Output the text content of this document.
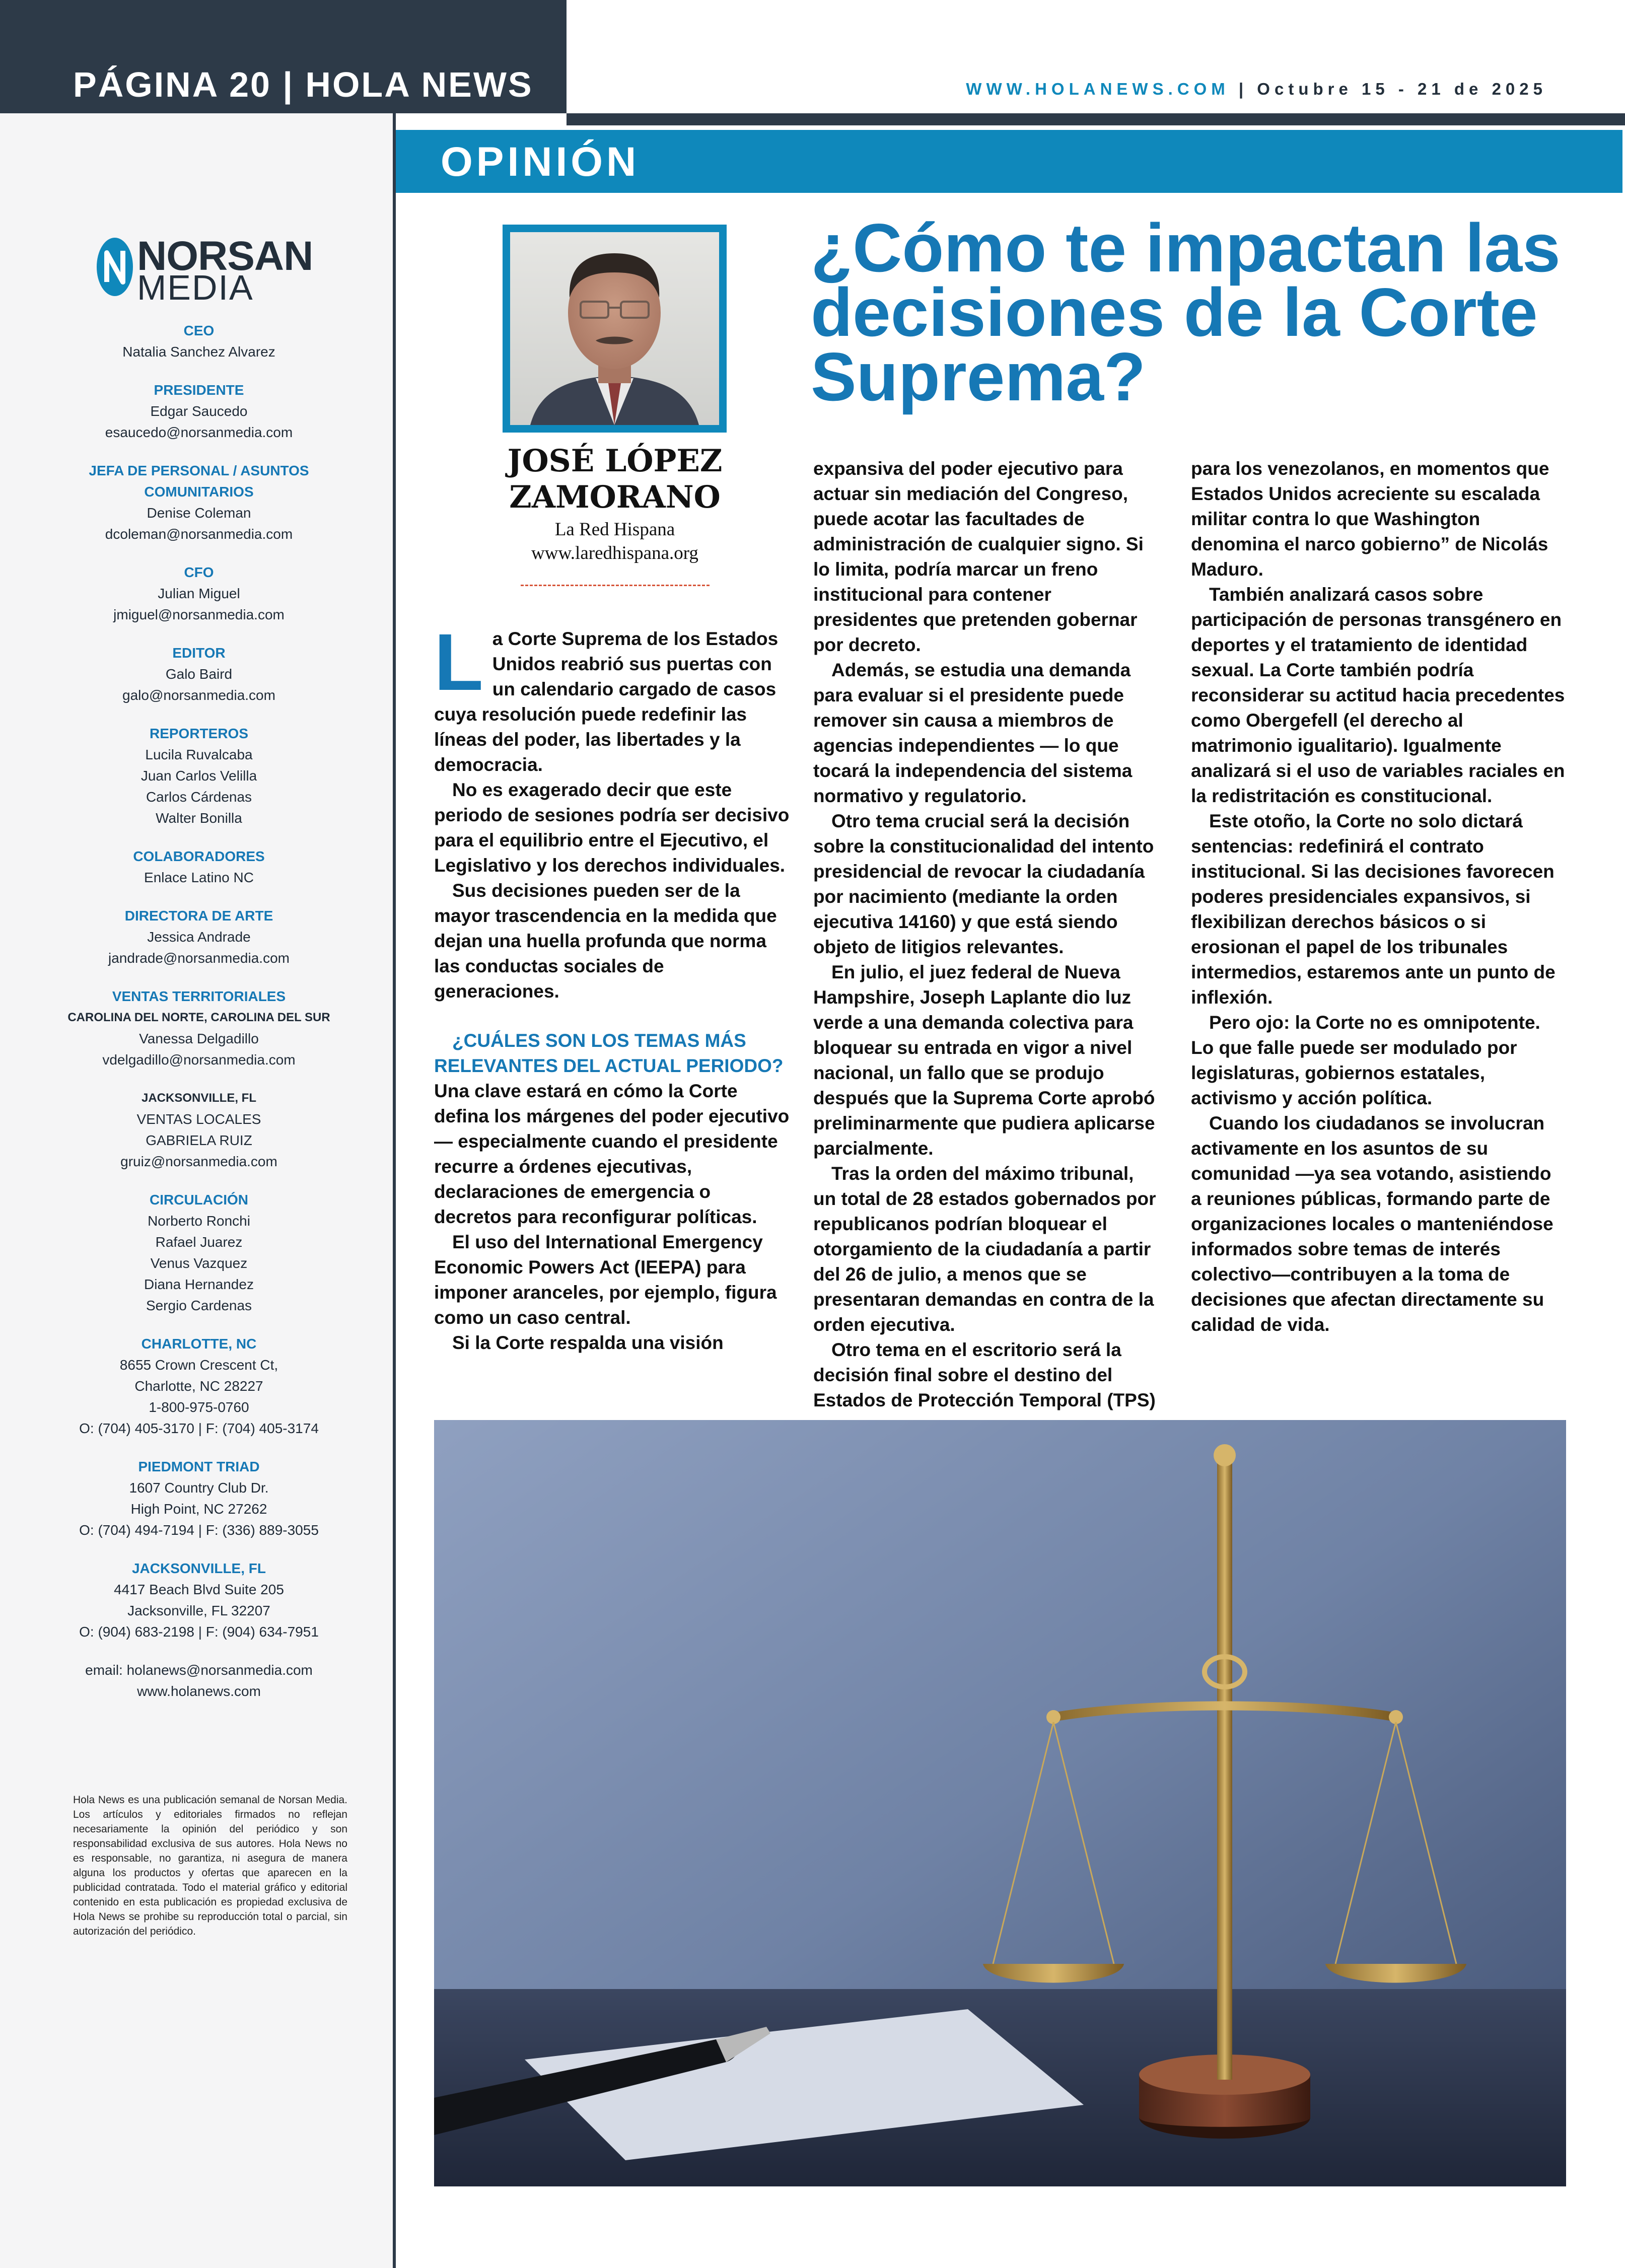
PÁGINA 20 | HOLA NEWS	WWW.HOLANEWS.COM | Octubre 15 - 21 de 2025
NORSAN
MEDIA
CEO
Natalia Sanchez Alvarez
PRESIDENTE
Edgar Saucedo
esaucedo@norsanmedia.com
JEFA DE PERSONAL / ASUNTOS COMUNITARIOS
Denise Coleman
dcoleman@norsanmedia.com
CFO
Julian Miguel
jmiguel@norsanmedia.com
EDITOR
Galo Baird
galo@norsanmedia.com
REPORTEROS
Lucila Ruvalcaba
Juan Carlos Velilla
Carlos Cárdenas
Walter Bonilla
COLABORADORES
Enlace Latino NC
DIRECTORA DE ARTE
Jessica Andrade
jandrade@norsanmedia.com
VENTAS TERRITORIALES
CAROLINA DEL NORTE, CAROLINA DEL SUR
Vanessa Delgadillo
vdelgadillo@norsanmedia.com
JACKSONVILLE, FL
VENTAS LOCALES
GABRIELA RUIZ
gruiz@norsanmedia.com
CIRCULACIÓN
Norberto Ronchi
Rafael Juarez
Venus Vazquez
Diana Hernandez
Sergio Cardenas
CHARLOTTE, NC
8655 Crown Crescent Ct,
Charlotte, NC 28227
1-800-975-0760
O: (704) 405-3170 | F: (704) 405-3174
PIEDMONT TRIAD
1607 Country Club Dr.
High Point, NC 27262
O: (704) 494-7194 | F: (336) 889-3055
JACKSONVILLE, FL
4417 Beach Blvd Suite 205
Jacksonville, FL 32207
O: (904) 683-2198 | F: (904) 634-7951
email: holanews@norsanmedia.com
www.holanews.com
Hola News es una publicación semanal de Norsan Media. Los artículos y editoriales firmados no reflejan necesariamente la opinión del periódico y son responsabilidad exclusiva de sus autores. Hola News no es responsable, no garantiza, ni asegura de manera alguna los productos y ofertas que aparecen en la publicidad contratada. Todo el material gráfico y editorial contenido en esta publicación es propiedad exclusiva de Hola News se prohibe su reproducción total o parcial, sin autorización del periódico.
OPINIÓN
JOSÉ LÓPEZ
ZAMORANO
La Red Hispana
www.laredhispana.org
¿Cómo te impactan las decisiones de la Corte Suprema?
L a Corte Suprema de los Estados Unidos reabrió sus puertas con un calendario cargado de casos cuya resolución puede redefinir las líneas del poder, las libertades y la democracia.

No es exagerado decir que este periodo de sesiones podría ser decisivo para el equilibrio entre el Ejecutivo, el Legislativo y los derechos individuales.

Sus decisiones pueden ser de la mayor trascendencia en la medida que dejan una huella profunda que norma las conductas sociales de generaciones.

¿CUÁLES SON LOS TEMAS MÁS RELEVANTES DEL ACTUAL PERIODO?

Una clave estará en cómo la Corte defina los márgenes del poder ejecutivo — especialmente cuando el presidente recurre a órdenes ejecutivas, declaraciones de emergencia o decretos para reconfigurar políticas.

El uso del International Emergency Economic Powers Act (IEEPA) para imponer aranceles, por ejemplo, figura como un caso central.

Si la Corte respalda una visión

expansiva del poder ejecutivo para actuar sin mediación del Congreso, puede acotar las facultades de administración de cualquier signo. Si lo limita, podría marcar un freno institucional para contener presidentes que pretenden gobernar por decreto.

Además, se estudia una demanda para evaluar si el presidente puede remover sin causa a miembros de agencias independientes — lo que tocará la independencia del sistema normativo y regulatorio.

Otro tema crucial será la decisión sobre la constitucionalidad del intento presidencial de revocar la ciudadanía por nacimiento (mediante la orden ejecutiva 14160) y que está siendo objeto de litigios relevantes.

En julio, el juez federal de Nueva Hampshire, Joseph Laplante dio luz verde a una demanda colectiva para bloquear su entrada en vigor a nivel nacional, un fallo que se produjo después que la Suprema Corte aprobó preliminarmente que pudiera aplicarse parcialmente.

Tras la orden del máximo tribunal, un total de 28 estados gobernados por republicanos podrían bloquear el otorgamiento de la ciudadanía a partir del 26 de julio, a menos que se presentaran demandas en contra de la orden ejecutiva.

Otro tema en el escritorio será la decisión final sobre el destino del Estados de Protección Temporal (TPS)

para los venezolanos, en momentos que Estados Unidos acreciente su escalada militar contra lo que Washington denomina el narco gobierno” de Nicolás Maduro.

También analizará casos sobre participación de personas transgénero en deportes y el tratamiento de identidad sexual. La Corte también podría reconsiderar su actitud hacia precedentes como Obergefell (el derecho al matrimonio igualitario). Igualmente analizará si el uso de variables raciales en la redistritación es constitucional.

Este otoño, la Corte no solo dictará sentencias: redefinirá el contrato institucional. Si las decisiones favorecen poderes presidenciales expansivos, si flexibilizan derechos básicos o si erosionan el papel de los tribunales intermedios, estaremos ante un punto de inflexión.

Pero ojo: la Corte no es omnipotente. Lo que falle puede ser modulado por legislaturas, gobiernos estatales, activismo y acción política.

Cuando los ciudadanos se involucran activamente en los asuntos de su comunidad —ya sea votando, asistiendo a reuniones públicas, formando parte de organizaciones locales o manteniéndose informados sobre temas de interés colectivo—contribuyen a la toma de decisiones que afectan directamente su calidad de vida.
